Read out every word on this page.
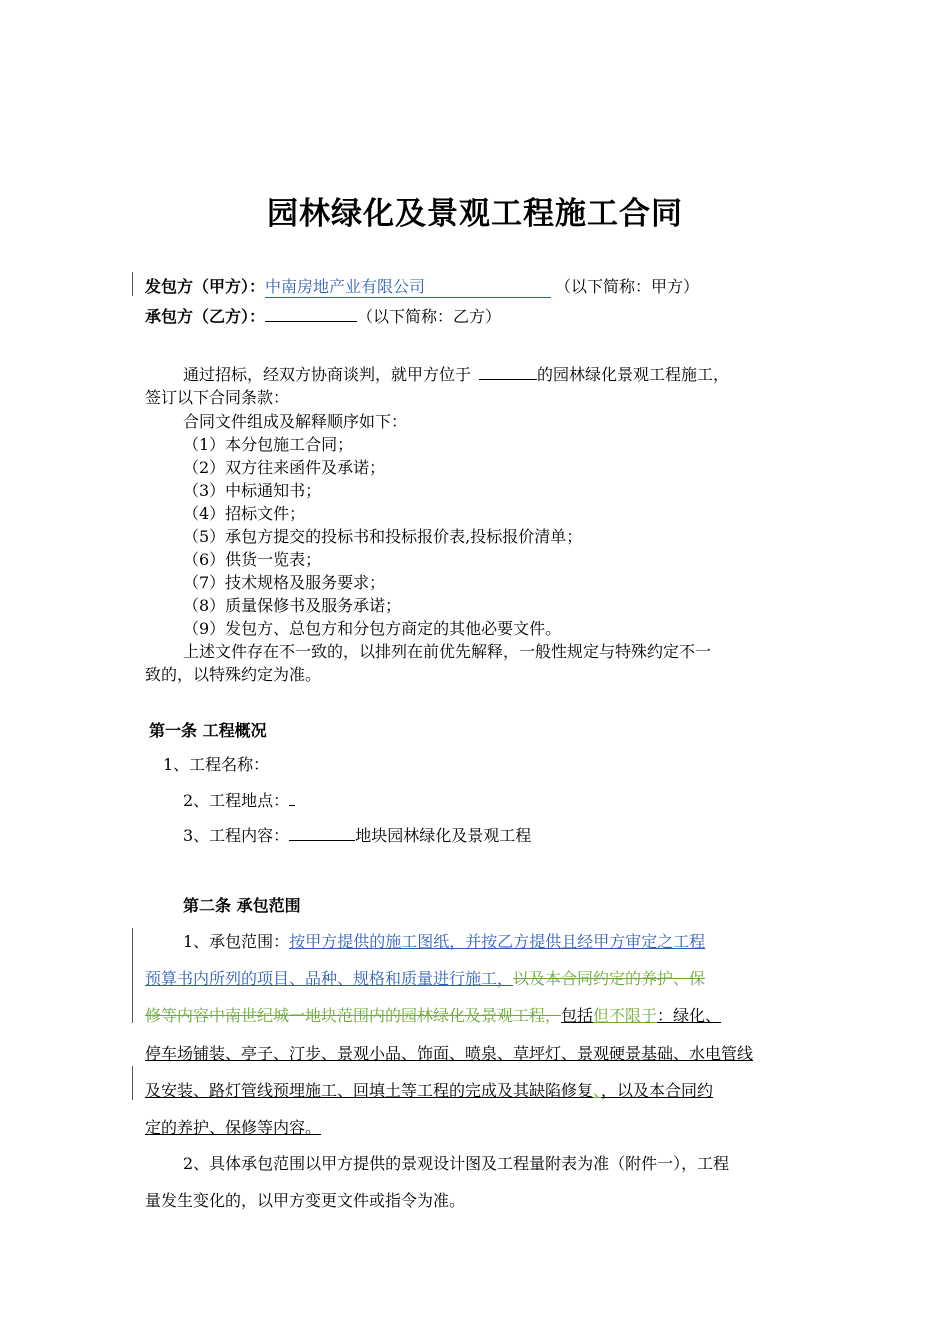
园林绿化及景观工程施工合同
发包方（甲方）：中南房地产业有限公司	（以下简称：甲方）
承包方（乙方）：	（以下简称：乙方）
通过招标，经双方协商谈判，就甲方位于	的园林绿化景观工程施工，
签订以下合同条款：
合同文件组成及解释顺序如下：
（1）本分包施工合同；
（2）双方往来函件及承诺；
（3）中标通知书；
（4）招标文件；
（5）承包方提交的投标书和投标报价表,投标报价清单；
（6）供货一览表；
（7）技术规格及服务要求；
（8）质量保修书及服务承诺；
（9）发包方、总包方和分包方商定的其他必要文件。
上述文件存在不一致的，以排列在前优先解释，一般性规定与特殊约定不一
致的，以特殊约定为准。
第一条 工程概况
1、工程名称：
2、工程地点：
3、工程内容：	地块园林绿化及景观工程
第二条 承包范围
1、承包范围：按甲方提供的施工图纸，并按乙方提供且经甲方审定之工程
预算书内所列的项目、品种、规格和质量进行施工，以及本合同约定的养护、保
修等内容中南世纪城一地块范围内的园林绿化及景观工程，包括但不限于：绿化、
停车场铺装、亭子、汀步、景观小品、饰面、喷泉、草坪灯、景观硬景基础、水电管线
及安装、路灯管线预埋施工、回填土等工程的完成及其缺陷修复、，以及本合同约
定的养护、保修等内容。
2、具体承包范围以甲方提供的景观设计图及工程量附表为准（附件一），工程
量发生变化的，以甲方变更文件或指令为准。
